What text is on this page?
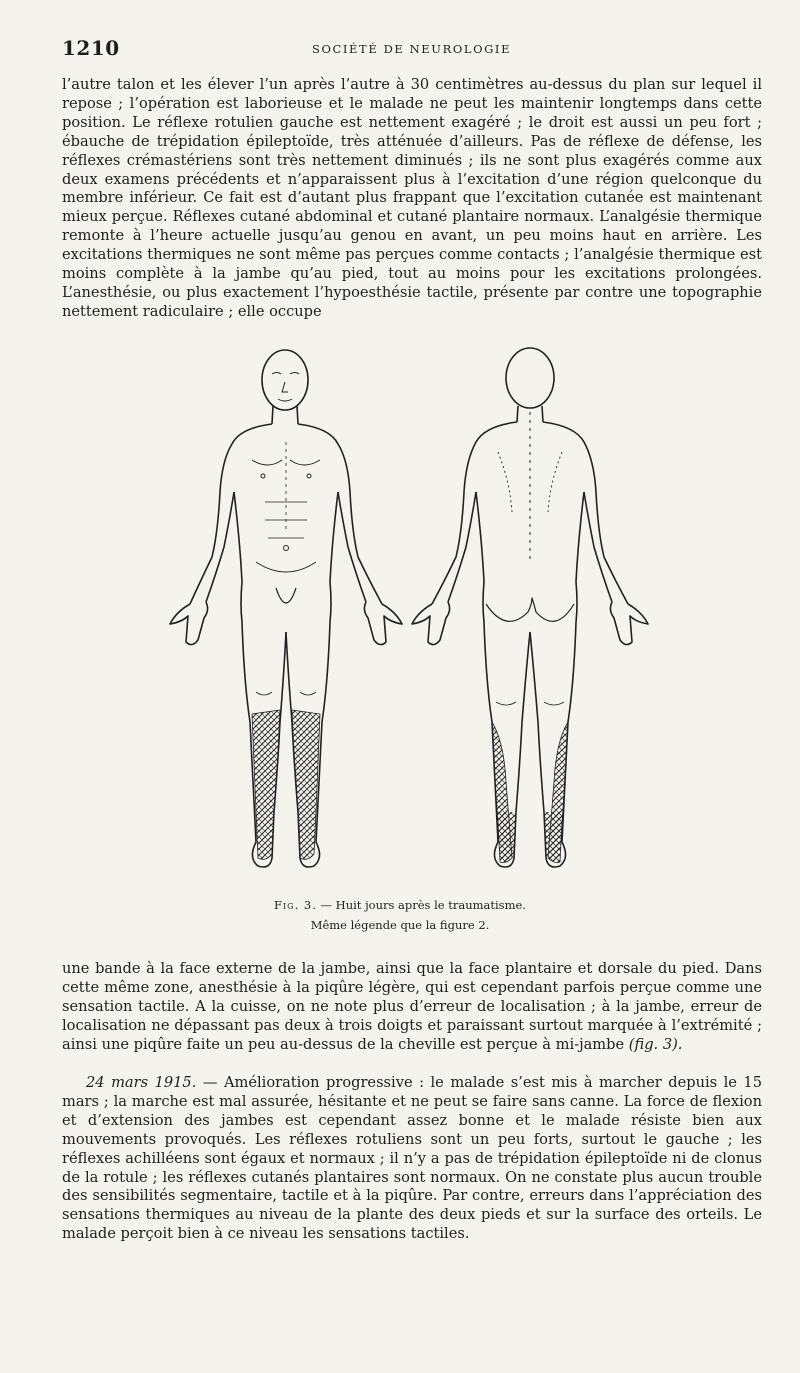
1210	SOCIÉTÉ DE NEUROLOGIE

l’autre talon et les élever l’un après l’autre à 30 centimètres au-dessus du plan sur lequel il repose ; l’opération est laborieuse et le malade ne peut les maintenir longtemps dans cette position. Le réflexe rotulien gauche est nettement exagéré ; le droit est aussi un peu fort ; ébauche de trépidation épileptoïde, très atténuée d’ailleurs. Pas de réflexe de défense, les réflexes crémastériens sont très nettement diminués ; ils ne sont plus exagérés comme aux deux examens précédents et n’apparaissent plus à l’excitation d’une région quelconque du membre inférieur. Ce fait est d’autant plus frappant que l’excitation cutanée est maintenant mieux perçue. Réflexes cutané abdominal et cutané plantaire normaux. L’analgésie thermique remonte à l’heure actuelle jusqu’au genou en avant, un peu moins haut en arrière. Les excitations thermiques ne sont même pas perçues comme contacts ; l’analgésie thermique est moins complète à la jambe qu’au pied, tout au moins pour les excitations prolongées. L’anesthésie, ou plus exactement l’hypoesthésie tactile, présente par contre une topographie nettement radiculaire ; elle occupe

Fig. 3. — Huit jours après le traumatisme.
Même légende que la figure 2.

une bande à la face externe de la jambe, ainsi que la face plantaire et dorsale du pied. Dans cette même zone, anesthésie à la piqûre légère, qui est cependant parfois perçue comme une sensation tactile. A la cuisse, on ne note plus d’erreur de localisation ; à la jambe, erreur de localisation ne dépassant pas deux à trois doigts et paraissant surtout marquée à l’extrémité ; ainsi une piqûre faite un peu au-dessus de la cheville est perçue à mi-jambe (fig. 3).

24 mars 1915. — Amélioration progressive : le malade s’est mis à marcher depuis le 15 mars ; la marche est mal assurée, hésitante et ne peut se faire sans canne. La force de flexion et d’extension des jambes est cependant assez bonne et le malade résiste bien aux mouvements provoqués. Les réflexes rotuliens sont un peu forts, surtout le gauche ; les réflexes achilléens sont égaux et normaux ; il n’y a pas de trépidation épileptoïde ni de clonus de la rotule ; les réflexes cutanés plantaires sont normaux. On ne constate plus aucun trouble des sensibilités segmentaire, tactile et à la piqûre. Par contre, erreurs dans l’appréciation des sensations thermiques au niveau de la plante des deux pieds et sur la surface des orteils. Le malade perçoit bien à ce niveau les sensations tactiles.
